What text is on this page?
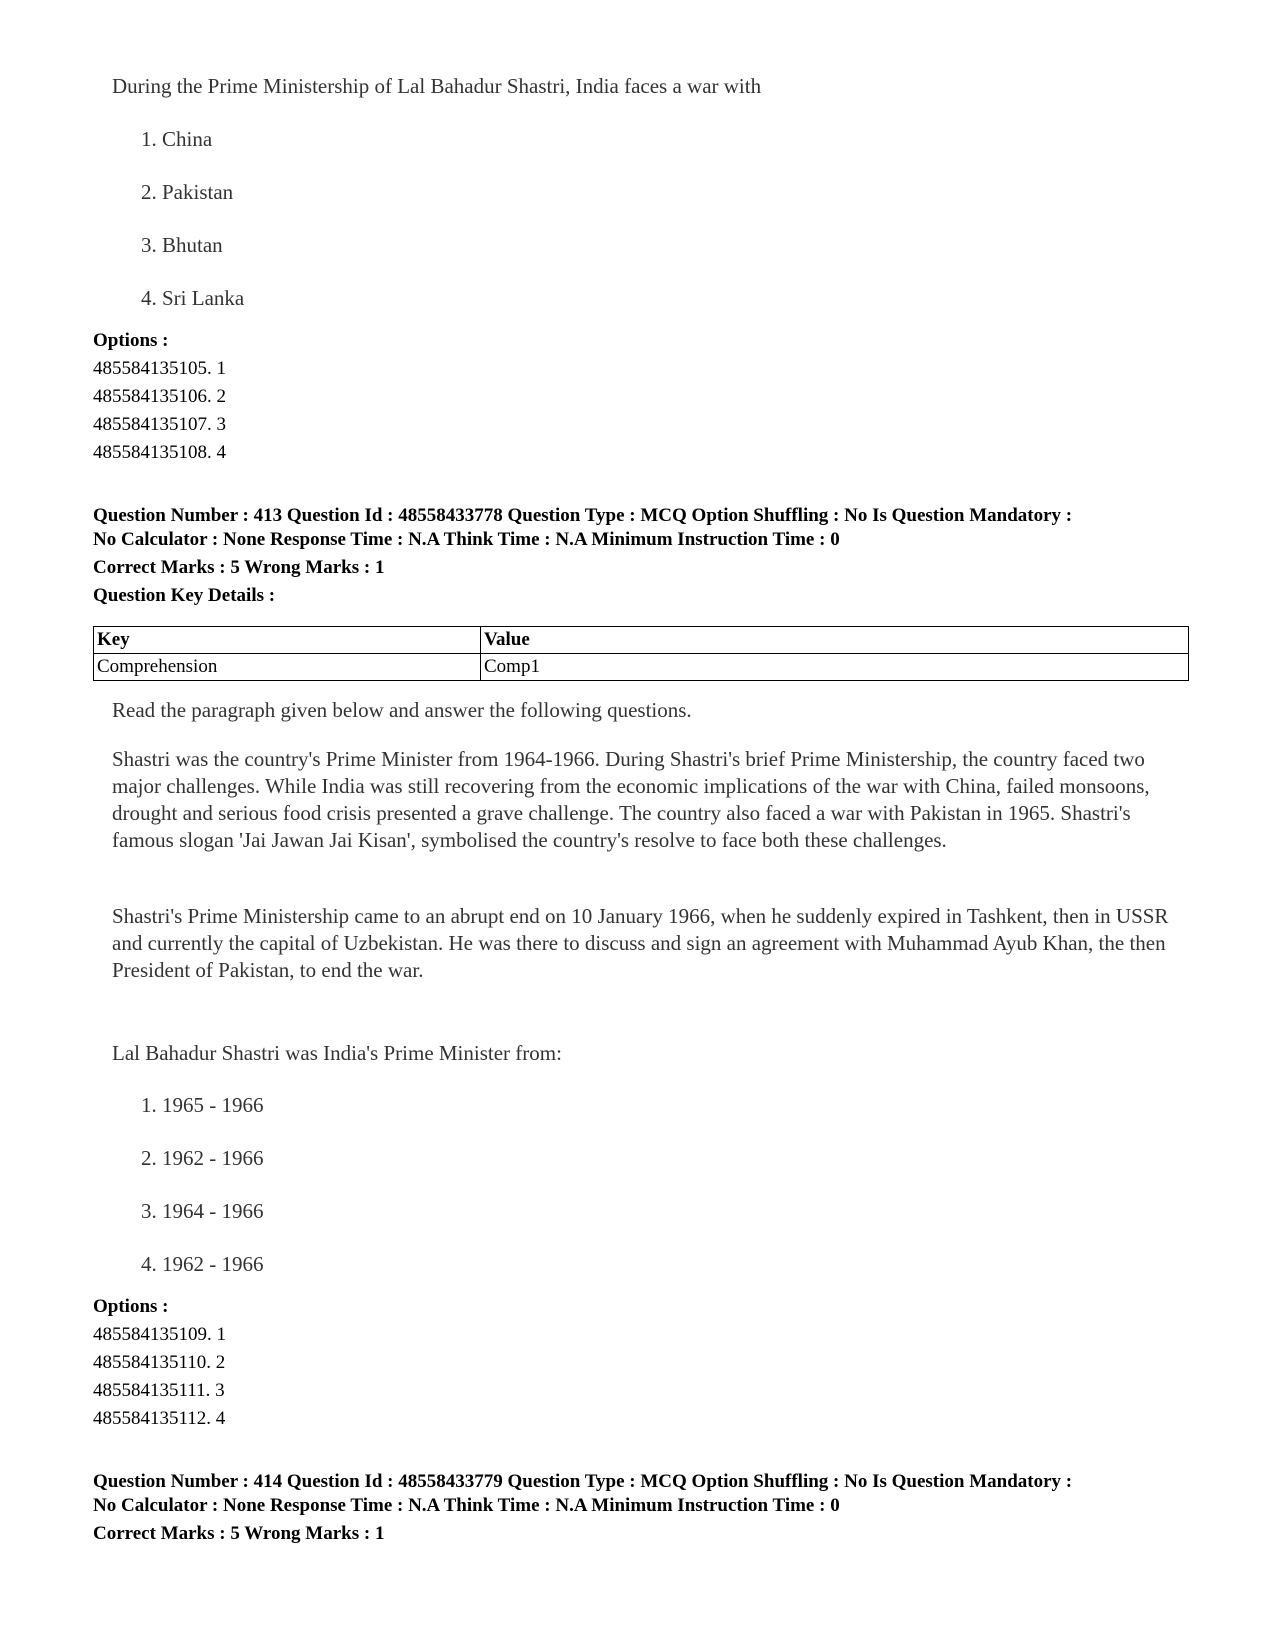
During the Prime Ministership of Lal Bahadur Shastri, India faces a war with
1. China
2. Pakistan
3. Bhutan
4. Sri Lanka
Options :
485584135105. 1
485584135106. 2
485584135107. 3
485584135108. 4
Question Number : 413 Question Id : 48558433778 Question Type : MCQ Option Shuffling : No Is Question Mandatory :
No Calculator : None Response Time : N.A Think Time : N.A Minimum Instruction Time : 0
Correct Marks : 5 Wrong Marks : 1
Question Key Details :
Key	Value
Comprehension	Comp1
Read the paragraph given below and answer the following questions.
Shastri was the country's Prime Minister from 1964-1966. During Shastri's brief Prime Ministership, the country faced two major challenges. While India was still recovering from the economic implications of the war with China, failed monsoons, drought and serious food crisis presented a grave challenge. The country also faced a war with Pakistan in 1965. Shastri's famous slogan 'Jai Jawan Jai Kisan', symbolised the country's resolve to face both these challenges.
Shastri's Prime Ministership came to an abrupt end on 10 January 1966, when he suddenly expired in Tashkent, then in USSR and currently the capital of Uzbekistan. He was there to discuss and sign an agreement with Muhammad Ayub Khan, the then President of Pakistan, to end the war.
Lal Bahadur Shastri was India's Prime Minister from:
1. 1965 - 1966
2. 1962 - 1966
3. 1964 - 1966
4. 1962 - 1966
Options :
485584135109. 1
485584135110. 2
485584135111. 3
485584135112. 4
Question Number : 414 Question Id : 48558433779 Question Type : MCQ Option Shuffling : No Is Question Mandatory :
No Calculator : None Response Time : N.A Think Time : N.A Minimum Instruction Time : 0
Correct Marks : 5 Wrong Marks : 1
